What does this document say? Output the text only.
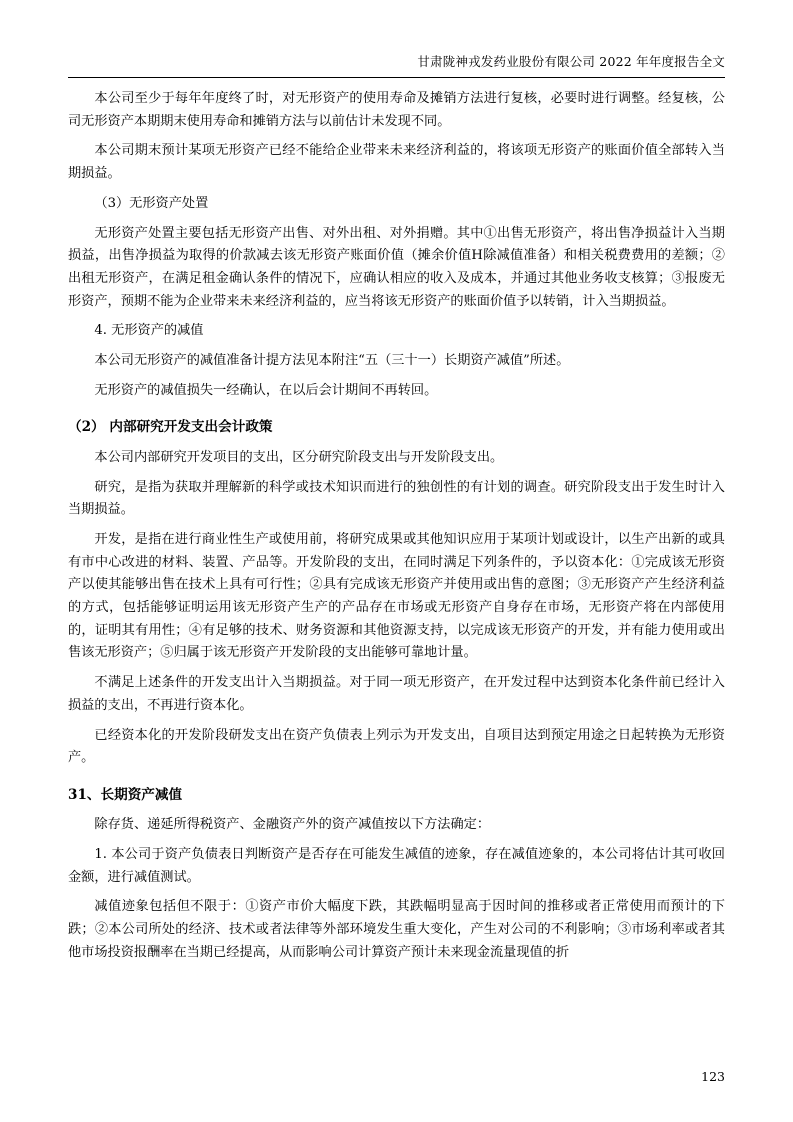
甘肃陇神戎发药业股份有限公司 2022 年年度报告全文

本公司至少于每年年度终了时，对无形资产的使用寿命及摊销方法进行复核，必要时进行调整。经复核，公司无形资产本期期末使用寿命和摊销方法与以前估计未发现不同。

本公司期末预计某项无形资产已经不能给企业带来未来经济利益的，将该项无形资产的账面价值全部转入当期损益。

（3）无形资产处置

无形资产处置主要包括无形资产出售、对外出租、对外捐赠。其中①出售无形资产，将出售净损益计入当期损益，出售净损益为取得的价款减去该无形资产账面价值（摊余价值H除减值准备）和相关税费费用的差额；②出租无形资产，在满足租金确认条件的情况下，应确认相应的收入及成本，并通过其他业务收支核算；③报废无形资产，预期不能为企业带来未来经济利益的，应当将该无形资产的账面价值予以转销，计入当期损益。

4. 无形资产的减值

本公司无形资产的减值准备计提方法见本附注“五（三十一）长期资产减值”所述。

无形资产的减值损失一经确认，在以后会计期间不再转回。

（2） 内部研究开发支出会计政策

本公司内部研究开发项目的支出，区分研究阶段支出与开发阶段支出。

研究，是指为获取并理解新的科学或技术知识而进行的独创性的有计划的调查。研究阶段支出于发生时计入当期损益。

开发，是指在进行商业性生产或使用前，将研究成果或其他知识应用于某项计划或设计，以生产出新的或具有市中心改进的材料、装置、产品等。开发阶段的支出，在同时满足下列条件的，予以资本化：①完成该无形资产以使其能够出售在技术上具有可行性；②具有完成该无形资产并使用或出售的意图；③无形资产产生经济利益的方式，包括能够证明运用该无形资产生产的产品存在市场或无形资产自身存在市场，无形资产将在内部使用的，证明其有用性；④有足够的技术、财务资源和其他资源支持，以完成该无形资产的开发，并有能力使用或出售该无形资产；⑤归属于该无形资产开发阶段的支出能够可靠地计量。

不满足上述条件的开发支出计入当期损益。对于同一项无形资产，在开发过程中达到资本化条件前已经计入损益的支出，不再进行资本化。

已经资本化的开发阶段研发支出在资产负债表上列示为开发支出，自项目达到预定用途之日起转换为无形资产。

31、长期资产减值

除存货、递延所得税资产、金融资产外的资产减值按以下方法确定：

1. 本公司于资产负债表日判断资产是否存在可能发生减值的迹象，存在减值迹象的，本公司将估计其可收回金额，进行减值测试。

减值迹象包括但不限于：①资产市价大幅度下跌，其跌幅明显高于因时间的推移或者正常使用而预计的下跌；②本公司所处的经济、技术或者法律等外部环境发生重大变化，产生对公司的不利影响；③市场利率或者其他市场投资报酬率在当期已经提高，从而影响公司计算资产预计未来现金流量现值的折

123
